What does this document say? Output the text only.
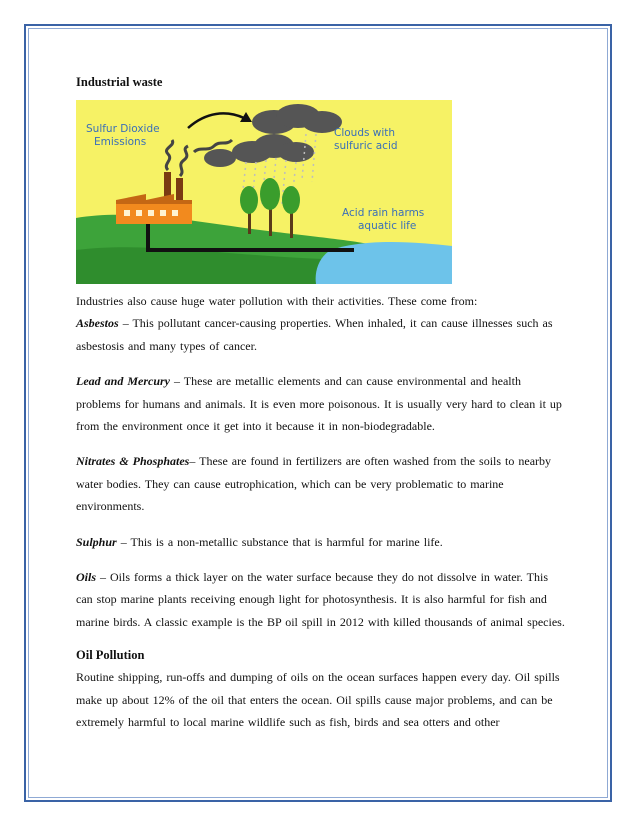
Industrial waste
Sulfur Dioxide
Emissions
Clouds with
sulfuric acid
Acid rain harms
aquatic life

Industries also cause huge water pollution with their activities. These come from:

Asbestos – This pollutant cancer-causing properties. When inhaled, it can cause illnesses such as asbestosis and many types of cancer.

Lead and Mercury – These are metallic elements and can cause environmental and health problems for humans and animals. It is even more poisonous. It is usually very hard to clean it up from the environment once it get into it because it in non-biodegradable.

Nitrates & Phosphates– These are found in fertilizers are often washed from the soils to nearby water bodies. They can cause eutrophication, which can be very problematic to marine environments.

Sulphur – This is a non-metallic substance that is harmful for marine life.

Oils – Oils forms a thick layer on the water surface because they do not dissolve in water. This can stop marine plants receiving enough light for photosynthesis. It is also harmful for fish and marine birds. A classic example is the BP oil spill in 2012 with killed thousands of animal species.

Oil Pollution

Routine shipping, run-offs and dumping of oils on the ocean surfaces happen every day. Oil spills make up about 12% of the oil that enters the ocean. Oil spills cause major problems, and can be extremely harmful to local marine wildlife such as fish, birds and sea otters and other
